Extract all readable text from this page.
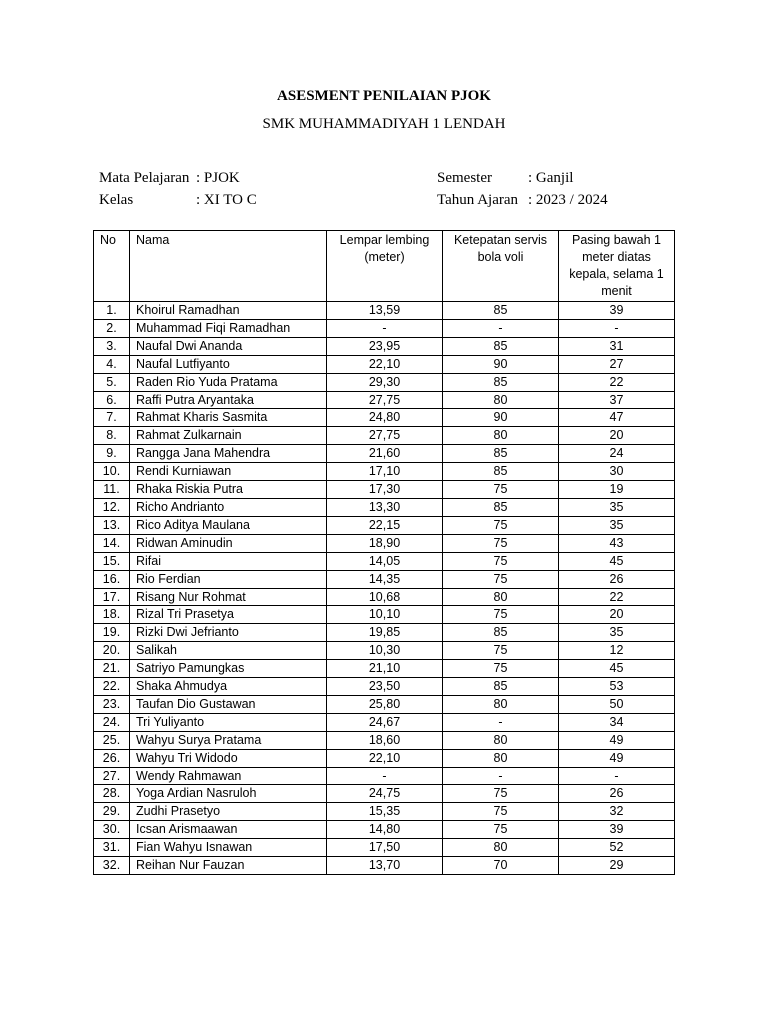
ASESMENT PENILAIAN PJOK
SMK MUHAMMADIYAH 1 LENDAH
Mata Pelajaran : PJOK
Kelas	: XI TO C
Semester : Ganjil
Tahun Ajaran : 2023 / 2024
No	Nama	Lempar lembing (meter)	Ketepatan servis bola voli	Pasing bawah 1 meter diatas kepala, selama 1 menit
1.	Khoirul Ramadhan	13,59	85	39
2.	Muhammad Fiqi Ramadhan	-	-	-
3.	Naufal Dwi Ananda	23,95	85	31
4.	Naufal Lutfiyanto	22,10	90	27
5.	Raden Rio Yuda Pratama	29,30	85	22
6.	Raffi Putra Aryantaka	27,75	80	37
7.	Rahmat Kharis Sasmita	24,80	90	47
8.	Rahmat Zulkarnain	27,75	80	20
9.	Rangga Jana Mahendra	21,60	85	24
10.	Rendi Kurniawan	17,10	85	30
11.	Rhaka Riskia Putra	17,30	75	19
12.	Richo Andrianto	13,30	85	35
13.	Rico Aditya Maulana	22,15	75	35
14.	Ridwan Aminudin	18,90	75	43
15.	Rifai	14,05	75	45
16.	Rio Ferdian	14,35	75	26
17.	Risang Nur Rohmat	10,68	80	22
18.	Rizal Tri Prasetya	10,10	75	20
19.	Rizki Dwi Jefrianto	19,85	85	35
20.	Salikah	10,30	75	12
21.	Satriyo Pamungkas	21,10	75	45
22.	Shaka Ahmudya	23,50	85	53
23.	Taufan Dio Gustawan	25,80	80	50
24.	Tri Yuliyanto	24,67	-	34
25.	Wahyu Surya Pratama	18,60	80	49
26.	Wahyu Tri Widodo	22,10	80	49
27.	Wendy Rahmawan	-	-	-
28.	Yoga Ardian Nasruloh	24,75	75	26
29.	Zudhi Prasetyo	15,35	75	32
30.	Icsan Arismaawan	14,80	75	39
31.	Fian Wahyu Isnawan	17,50	80	52
32.	Reihan Nur Fauzan	13,70	70	29
